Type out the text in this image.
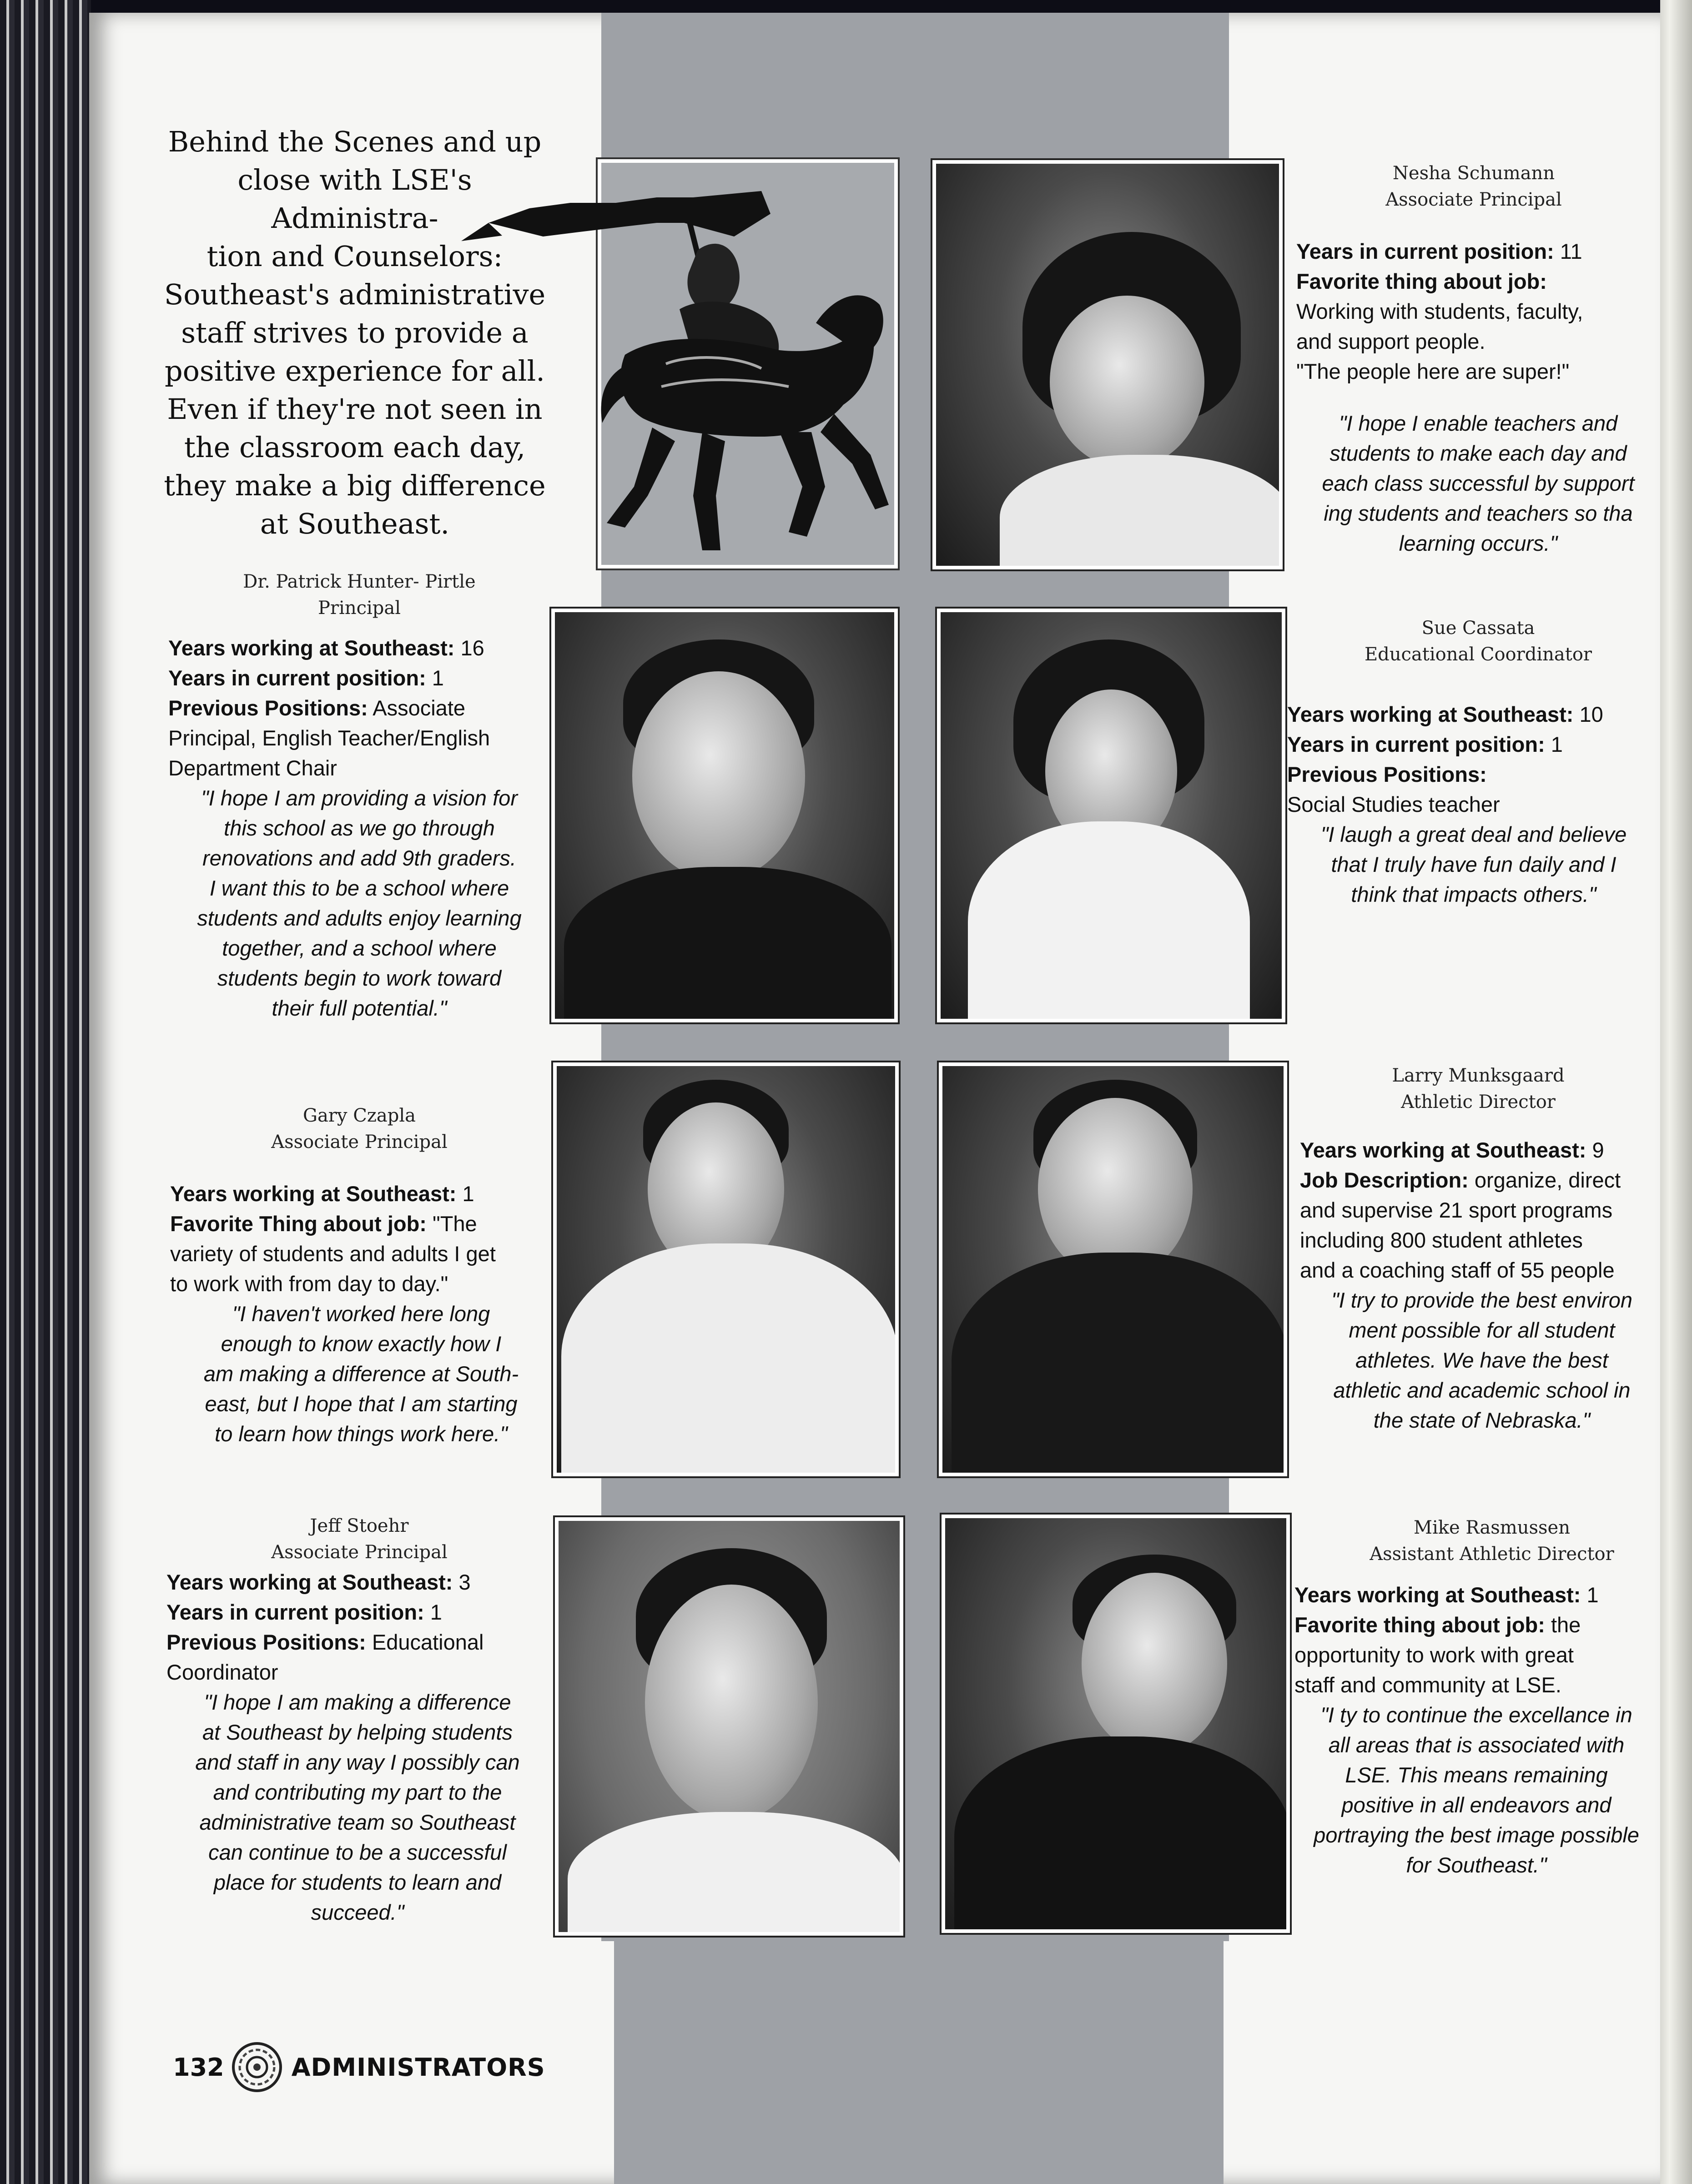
Behind the Scenes and up
close with LSE's Administra-
tion and Counselors:
Southeast's administrative
staff strives to provide a
positive experience for all.
Even if they're not seen in
the classroom each day,
they make a big difference
at Southeast.
Nesha Schumann
Associate Principal
Years in current position: 11
Favorite thing about job:
Working with students, faculty,
and support people.
"The people here are super!"
"I hope I enable teachers and
students to make each day and
each class successful by support
ing students and teachers so tha
learning occurs."
Dr. Patrick Hunter- Pirtle
Principal
Years working at Southeast: 16
Years in current position: 1
Previous Positions: Associate
Principal, English Teacher/English
Department Chair
"I hope I am providing a vision for
this school as we go through
renovations and add 9th graders.
I want this to be a school where
students and adults enjoy learning
together, and a school where
students begin to work toward
their full potential."
Sue Cassata
Educational Coordinator
Years working at Southeast: 10
Years in current position: 1
Previous Positions:
Social Studies teacher
"I laugh a great deal and believe
that I truly have fun daily and I
think that impacts others."
Gary Czapla
Associate Principal
Years working at Southeast: 1
Favorite Thing about job: "The
variety of students and adults I get
to work with from day to day."
"I haven't worked here long
enough to know exactly how I
am making a difference at South-
east, but I hope that I am starting
to learn how things work here."
Larry Munksgaard
Athletic Director
Years working at Southeast: 9
Job Description: organize, direct
and supervise 21 sport programs
including 800 student athletes
and a coaching staff of 55 people
"I try to provide the best environ
ment possible for all student
athletes. We have the best
athletic and academic school in
the state of Nebraska."
Jeff Stoehr
Associate Principal
Years working at Southeast: 3
Years in current position: 1
Previous Positions: Educational
Coordinator
"I hope I am making a difference
at Southeast by helping students
and staff in any way I possibly can
and contributing my part to the
administrative team so Southeast
can continue to be a successful
place for students to learn and
succeed."
Mike Rasmussen
Assistant Athletic Director
Years working at Southeast: 1
Favorite thing about job: the
opportunity to work with great
staff and community at LSE.
"I ty to continue the excellance in
all areas that is associated with
LSE. This means remaining
positive in all endeavors and
portraying the best image possible
for Southeast."
132	ADMINISTRATORS
